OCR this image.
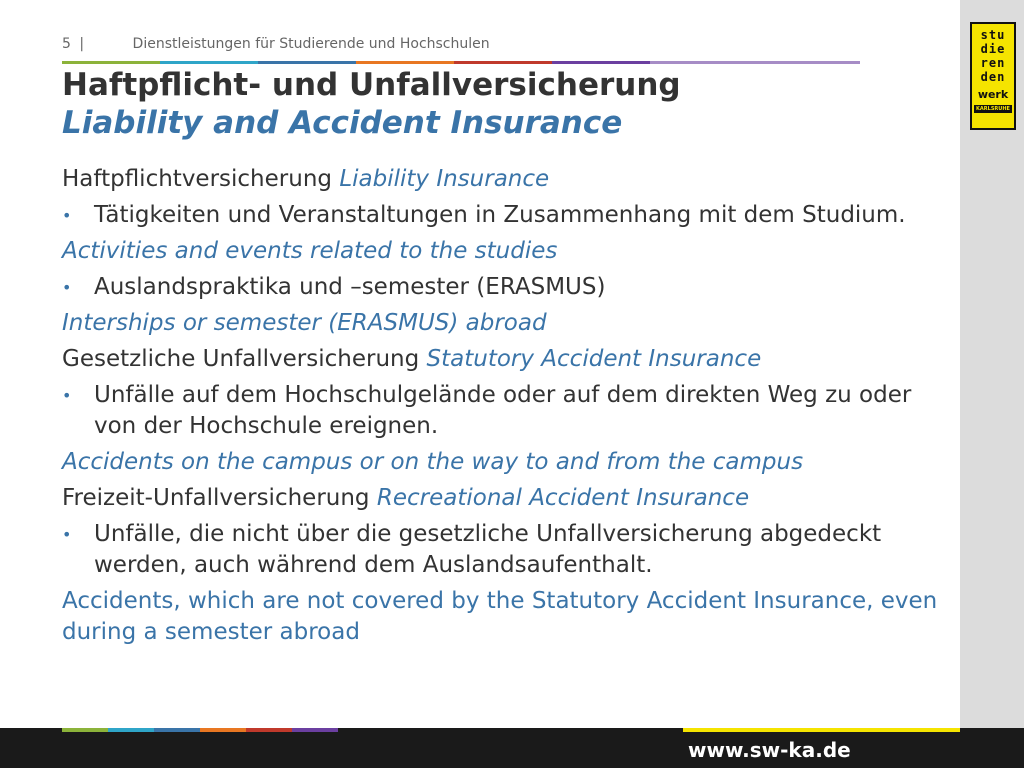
stu
die
ren
den
werk
KARLSRUHE
5 |	Dienstleistungen für Studierende und Hochschulen
Haftpflicht- und Unfallversicherung
Liability and Accident Insurance

Haftpflichtversicherung Liability Insurance

• Tätigkeiten und Veranstaltungen in Zusammenhang mit dem Studium.

Activities and events related to the studies

• Auslandspraktika und –semester (ERASMUS)

Interships or semester (ERASMUS) abroad

Gesetzliche Unfallversicherung Statutory Accident Insurance

• Unfälle auf dem Hochschulgelände oder auf dem direkten Weg zu oder von der Hochschule ereignen.

Accidents on the campus or on the way to and from the campus

Freizeit-Unfallversicherung Recreational Accident Insurance

• Unfälle, die nicht über die gesetzliche Unfallversicherung abgedeckt werden, auch während dem Auslandsaufenthalt.

Accidents, which are not covered by the Statutory Accident Insurance, even during a semester abroad

www.sw-ka.de
